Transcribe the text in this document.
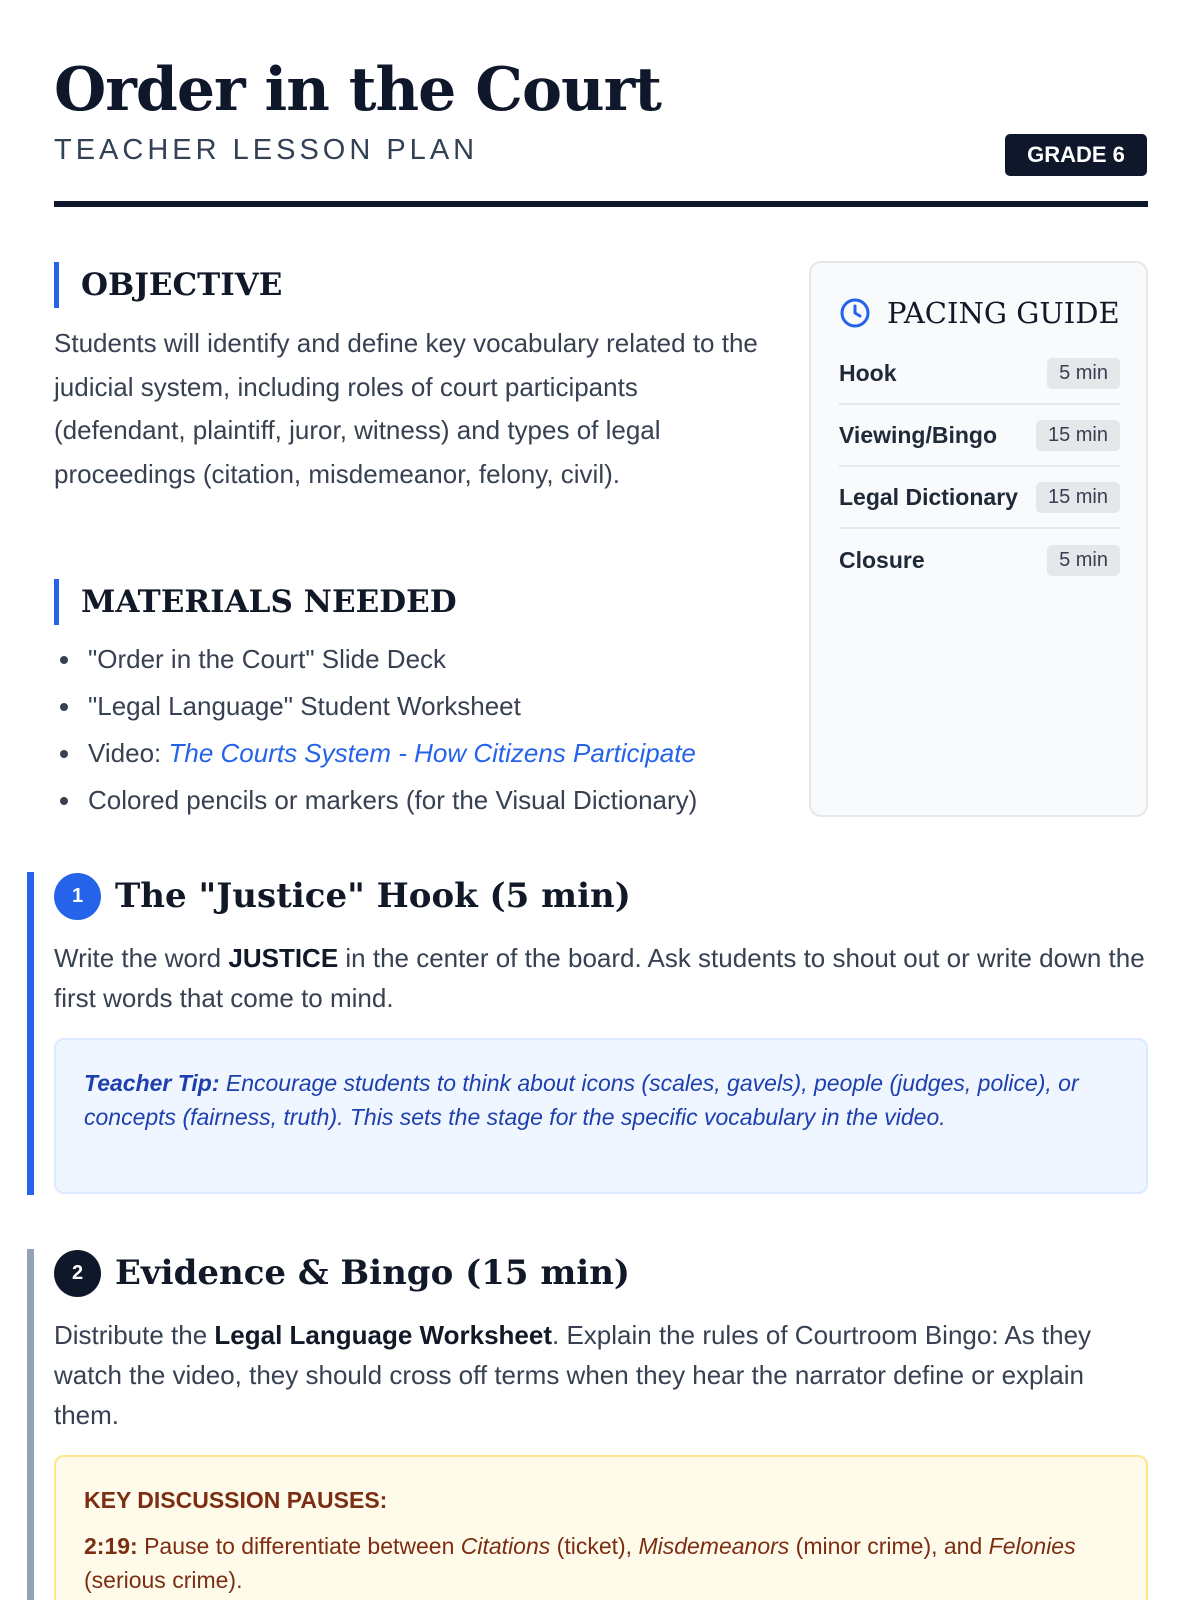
Order in the Court
TEACHER LESSON PLAN	GRADE 6
OBJECTIVE

Students will identify and define key vocabulary related to the judicial system, including roles of court participants (defendant, plaintiff, juror, witness) and types of legal proceedings (citation, misdemeanor, felony, civil).

MATERIALS NEEDED
"Order in the Court" Slide Deck
"Legal Language" Student Worksheet
Video: The Courts System - How Citizens Participate
Colored pencils or markers (for the Visual Dictionary)
PACING GUIDE
Hook	5 min
Viewing/Bingo	15 min
Legal Dictionary	15 min
Closure	5 min
1 The "Justice" Hook (5 min)

Write the word JUSTICE in the center of the board. Ask students to shout out or write down the first words that come to mind.

Teacher Tip: Encourage students to think about icons (scales, gavels), people (judges, police), or concepts (fairness, truth). This sets the stage for the specific vocabulary in the video.
2 Evidence & Bingo (15 min)

Distribute the Legal Language Worksheet. Explain the rules of Courtroom Bingo: As they watch the video, they should cross off terms when they hear the narrator define or explain them.

KEY DISCUSSION PAUSES:
2:19: Pause to differentiate between Citations (ticket), Misdemeanors (minor crime), and Felonies (serious crime).
